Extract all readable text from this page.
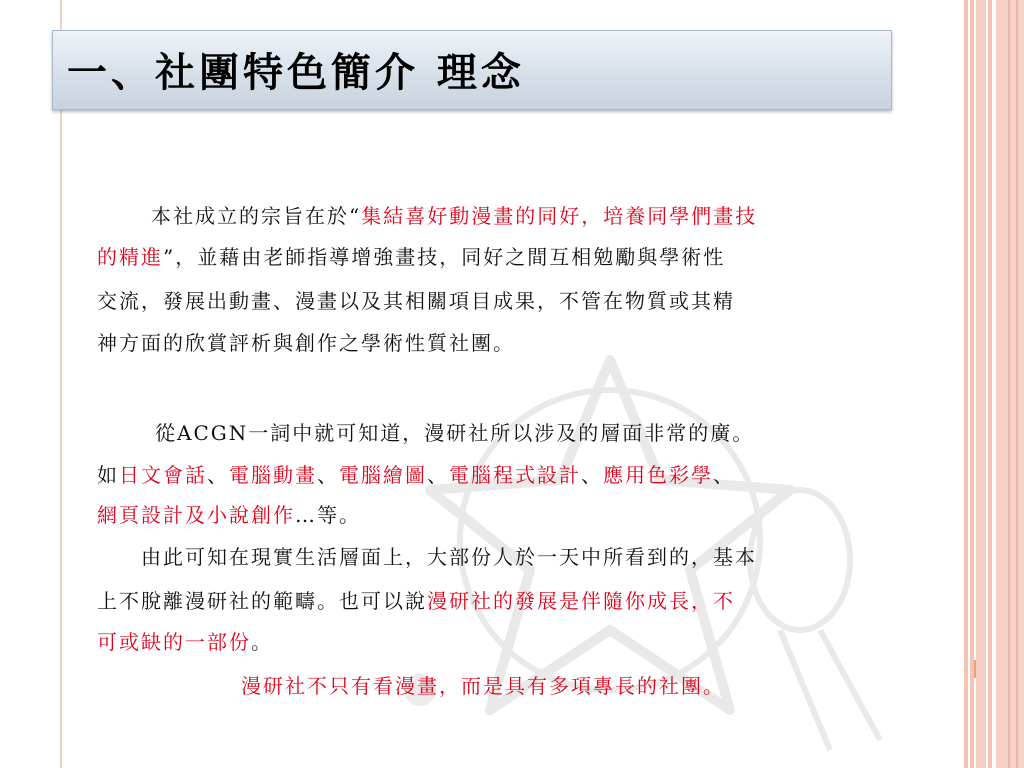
一、社團特色簡介 理念
本社成立的宗旨在於“集結喜好動漫畫的同好，培養同學們畫技
的精進”，並藉由老師指導增強畫技，同好之間互相勉勵與學術性
交流，發展出動畫、漫畫以及其相關項目成果，不管在物質或其精
神方面的欣賞評析與創作之學術性質社團。
從ACGN一詞中就可知道，漫研社所以涉及的層面非常的廣。
如日文會話、電腦動畫、電腦繪圖、電腦程式設計、應用色彩學、
網頁設計及小說創作…等。
由此可知在現實生活層面上，大部份人於一天中所看到的，基本
上不脫離漫研社的範疇。也可以說漫研社的發展是伴隨你成長，不
可或缺的一部份。
漫研社不只有看漫畫，而是具有多項專長的社團。
